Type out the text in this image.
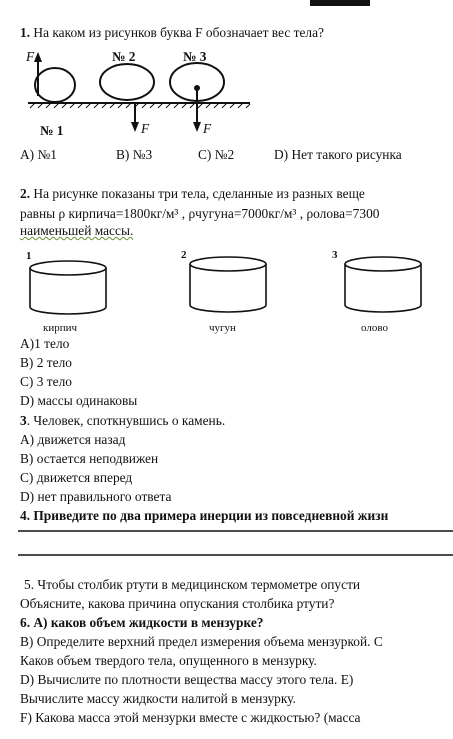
1. На каком из рисунков буква F обозначает вес тела?
№ 2	№ 3
№ 1
F
F	F
А) №1	В) №3	С) №2	D) Нет такого рисунка
2. На рисунке показаны три тела, сделанные из разных веще
равны ρ кирпича=1800кг/м³ , ρчугуна=7000кг/м³ , ρолова=7300
наименьшей массы.
1	2	3
кирпич	чугун	олово
А)1 тело
В) 2 тело
С) 3 тело
D) массы одинаковы
3. Человек, споткнувшись о камень.
А) движется назад
В) остается неподвижен
С) движется вперед
D) нет правильного ответа
4. Приведите по два примера инерции из повседневной жизн
5. Чтобы столбик ртути в медицинском термометре опусти
Объясните, какова причина опускания столбика ртути?
6. А) каков объем жидкости в мензурке?
В) Определите верхний предел измерения объема мензуркой. С
Каков объем твердого тела, опущенного в мензурку.
D) Вычислите по плотности вещества массу этого тела. Е)
Вычислите массу жидкости налитой в мензурку.
F) Какова масса этой мензурки вместе с жидкостью? (масса
